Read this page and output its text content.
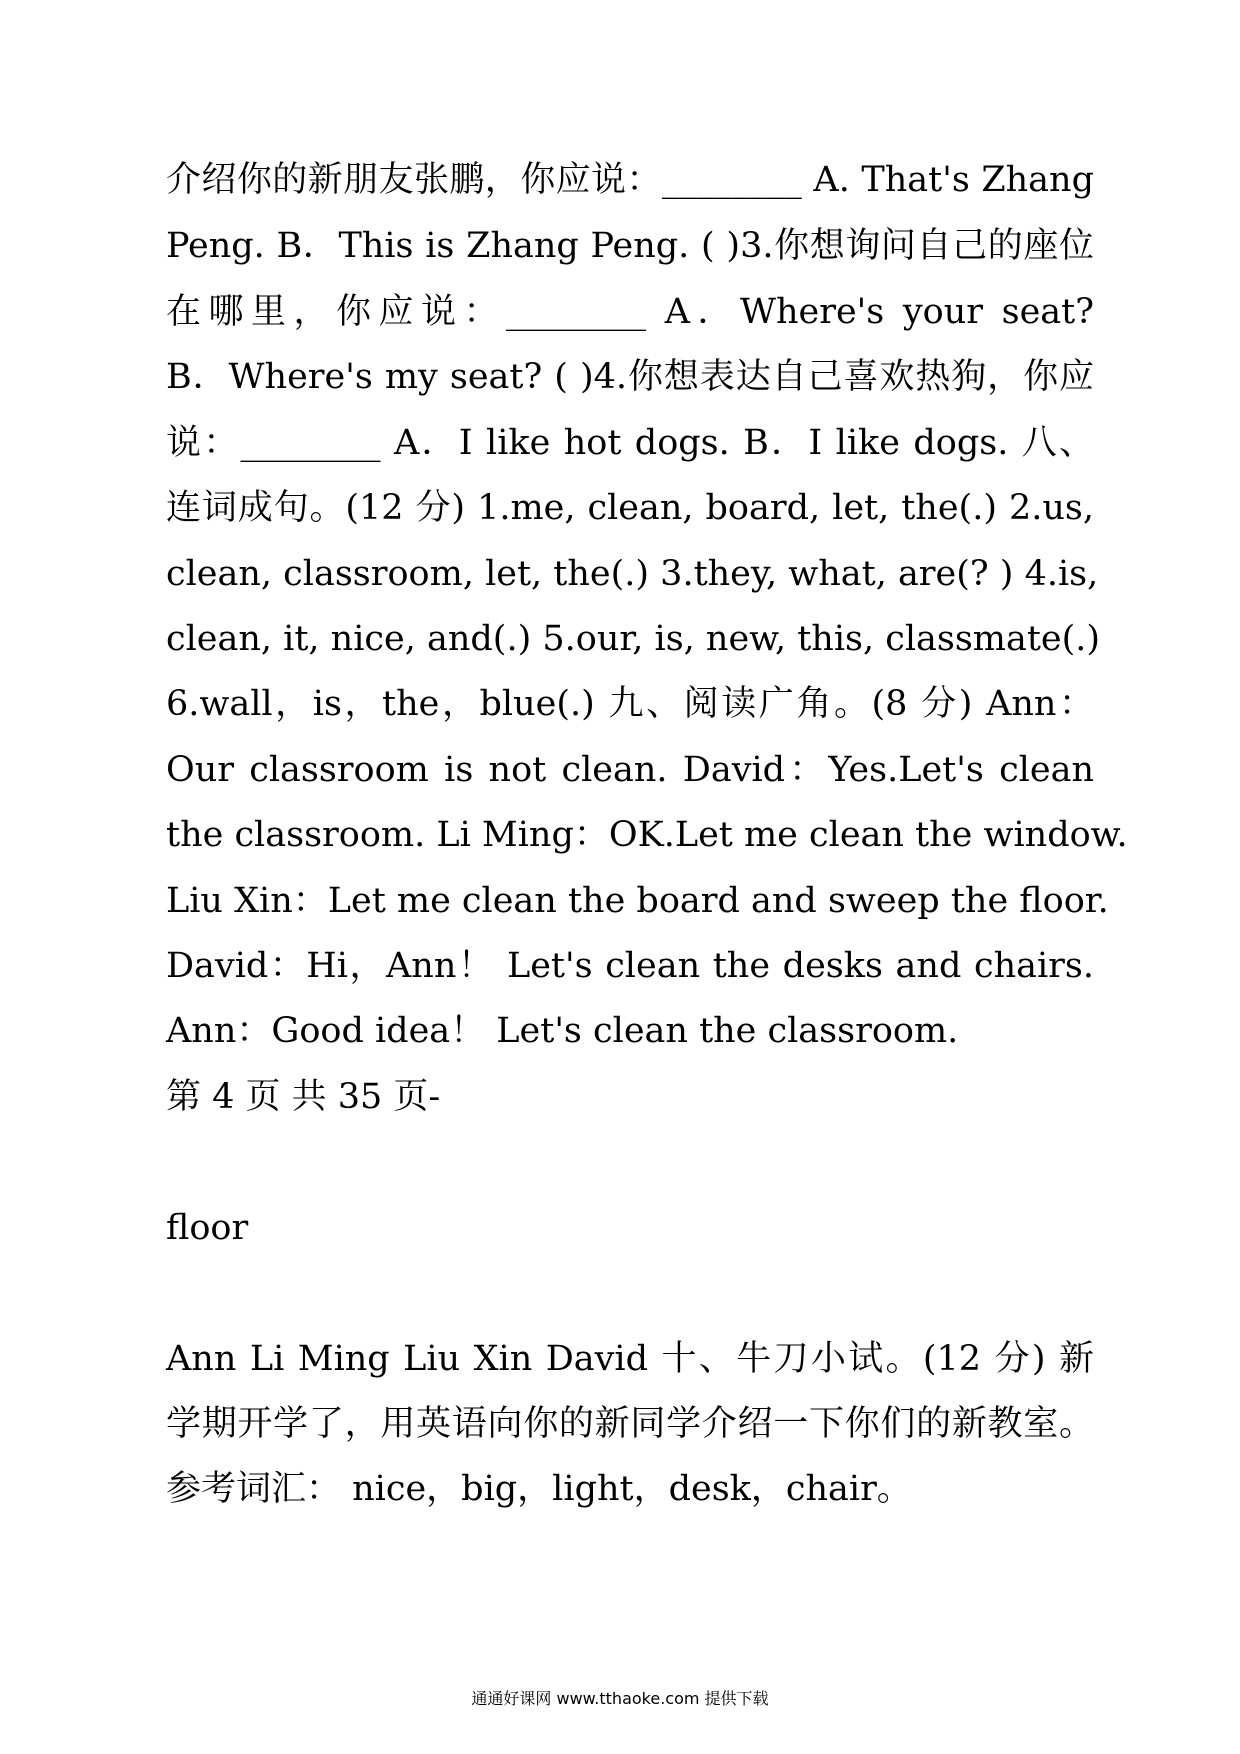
介绍你的新朋友张鹏，你应说：________ A. That's Zhang
Peng. B．This is Zhang Peng. ( )3.你想询问自己的座位
在哪里，你应说：________ A．Where's your seat?
B．Where's my seat? ( )4.你想表达自己喜欢热狗，你应
说：________ A．I like hot dogs. B．I like dogs. 八、
连词成句。(12 分) 1.me, clean, board, let, the(.) 2.us,
clean, classroom, let, the(.) 3.they, what, are(? ) 4.is,
clean, it, nice, and(.) 5.our, is, new, this, classmate(.)
6.wall，is，the，blue(.) 九、阅读广角。(8 分) Ann：
Our classroom is not clean. David：Yes.Let's clean
the classroom. Li Ming：OK.Let me clean the window.
Liu Xin：Let me clean the board and sweep the floor.
David：Hi，Ann！ Let's clean the desks and chairs.
Ann：Good idea！ Let's clean the classroom.
第 4 页 共 35 页-
floor
Ann Li Ming Liu Xin David 十、牛刀小试。(12 分) 新
学期开学了，用英语向你的新同学介绍一下你们的新教室。
参考词汇： nice，big，light，desk，chair。
通通好课网 www.tthaoke.com 提供下载
